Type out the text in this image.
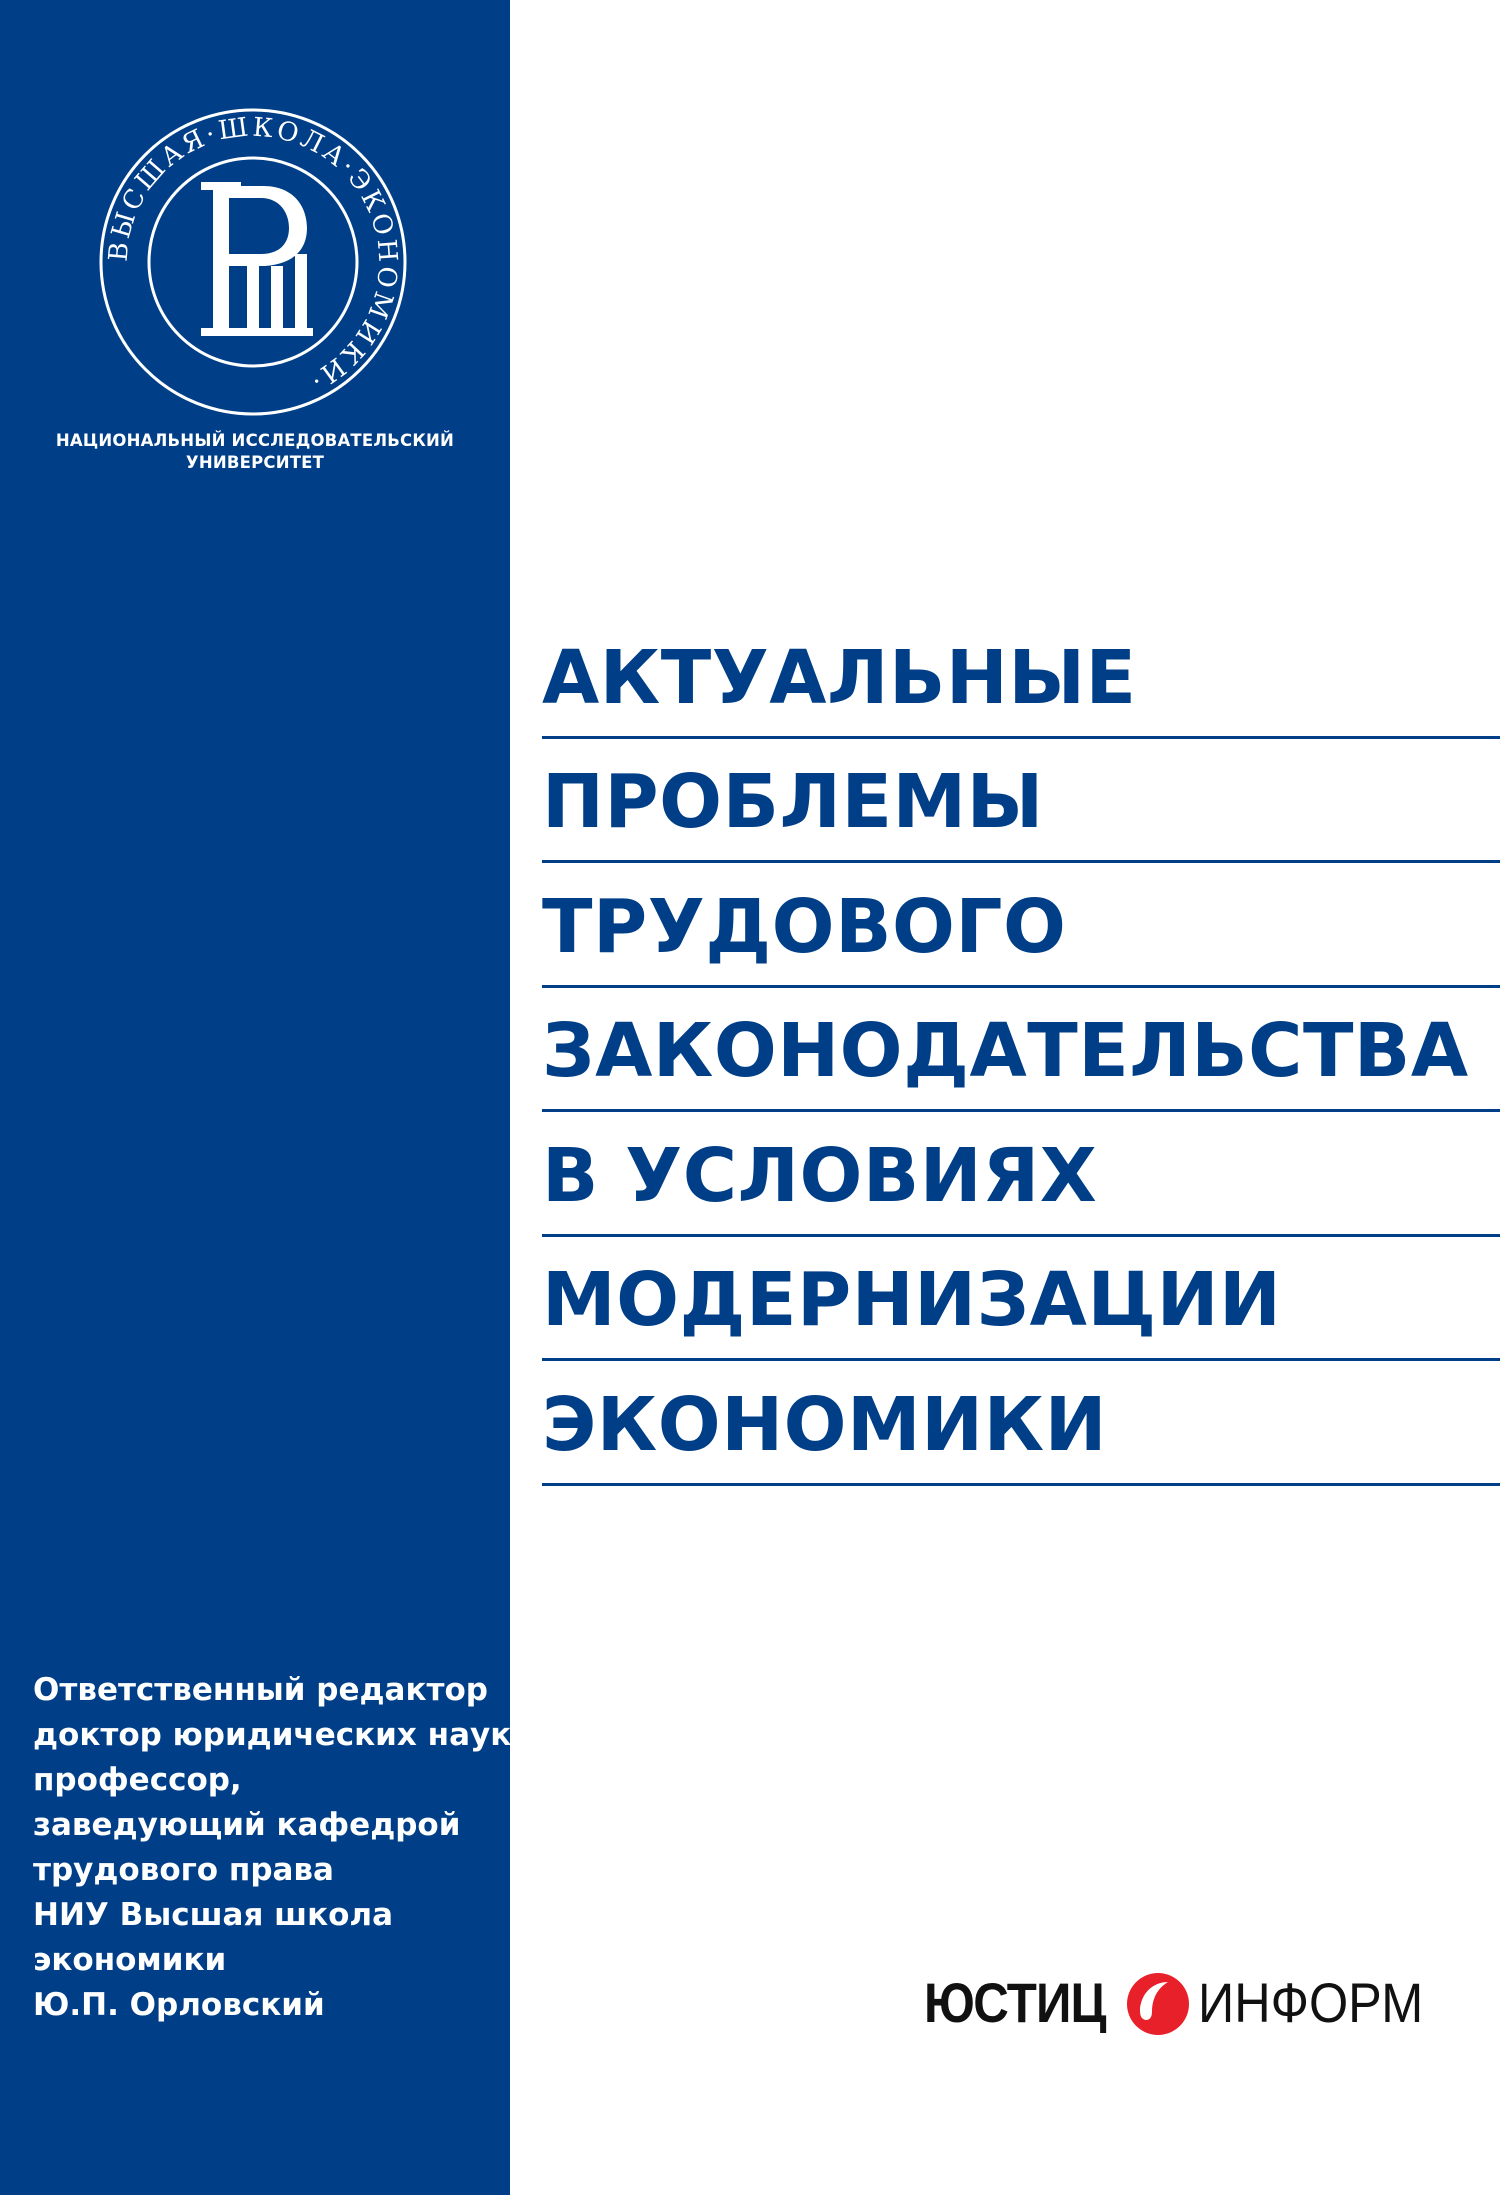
ВЫСШАЯ·ШКОЛА·ЭКОНОМИКИ·
НАЦИОНАЛЬНЫЙ ИССЛЕДОВАТЕЛЬСКИЙ
УНИВЕРСИТЕТ
Ответственный редактор
доктор юридических наук,
профессор,
заведующий кафедрой
трудового права
НИУ Высшая школа
экономики
Ю.П. Орловский
АКТУАЛЬНЫЕ
ПРОБЛЕМЫ
ТРУДОВОГО
ЗАКОНОДАТЕЛЬСТВА
В УСЛОВИЯХ
МОДЕРНИЗАЦИИ
ЭКОНОМИКИ
ЮСТИЦ ИНФОРМ
